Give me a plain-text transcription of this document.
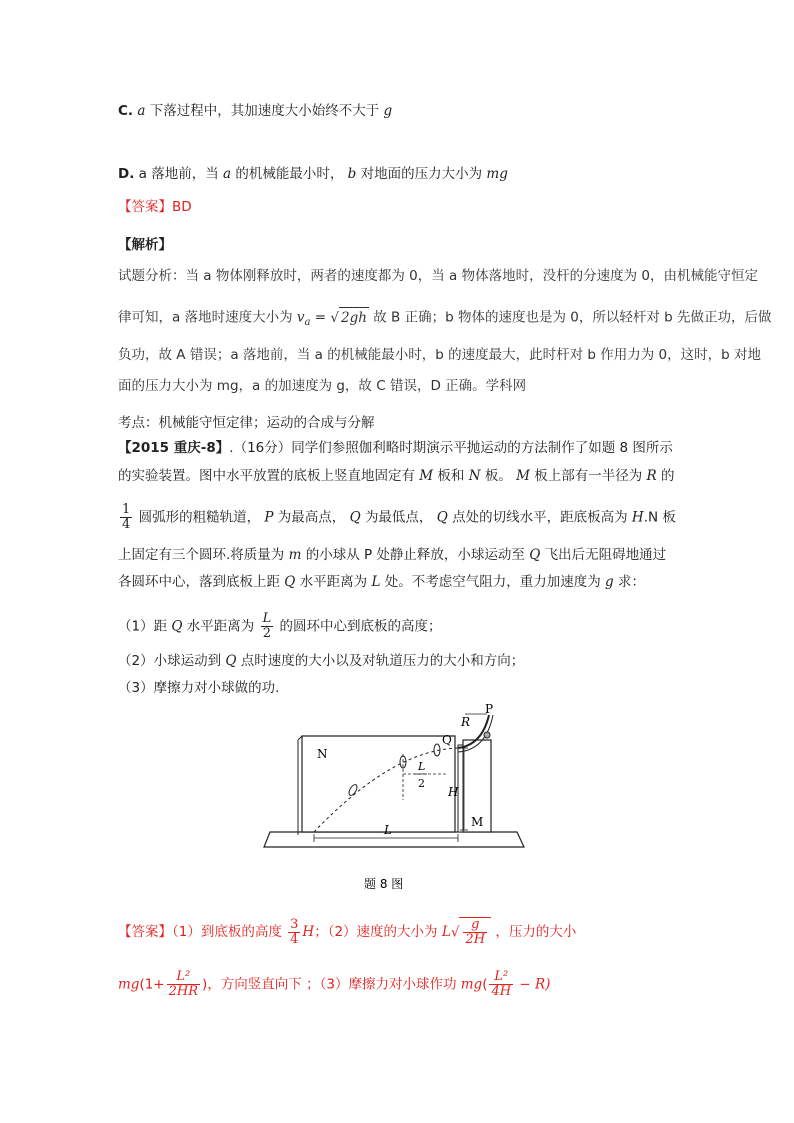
C. a 下落过程中，其加速度大小始终不大于 g
D. a 落地前，当 a 的机械能最小时， b 对地面的压力大小为 mg
【答案】BD
【解析】
试题分析：当 a 物体刚释放时，两者的速度都为 0，当 a 物体落地时，没杆的分速度为 0，由机械能守恒定
律可知，a 落地时速度大小为 $v_a$ = √ 2gh 故 B 正确；b 物体的速度也是为 0，所以轻杆对 b 先做正功，后做
负功，故 A 错误；a 落地前，当 a 的机械能最小时，b 的速度最大，此时杆对 b 作用力为 0，这时，b 对地
面的压力大小为 mg，a 的加速度为 g，故 C 错误，D 正确。学科网
考点：机械能守恒定律；运动的合成与分解
【2015 重庆-8】.（16分）同学们参照伽利略时期演示平抛运动的方法制作了如题 8 图所示
的实验装置。图中水平放置的底板上竖直地固定有 M 板和 N 板。 M 板上部有一半径为 R 的
$\frac{1}{4}$ 圆弧形的粗糙轨道， P 为最高点， Q 为最低点， Q 点处的切线水平，距底板高为 H.N 板
上固定有三个圆环.将质量为 m 的小球从 P 处静止释放，小球运动至 Q 飞出后无阻碍地通过
各圆环中心，落到底板上距 Q 水平距离为 L 处。不考虑空气阻力，重力加速度为 g 求：
（1）距 Q 水平距离为 $\frac{L}{2}$ 的圆环中心到底板的高度；
（2）小球运动到 Q 点时速度的大小以及对轨道压力的大小和方向；
（3）摩擦力对小球做的功.
N
Q
R
P
M
H
L
L
2
题 8 图
【答案】（1）到底板的高度 $\frac{3}{4}$ H；（2）速度的大小为 $L√ \frac{g}{2H}$ ，压力的大小
$mg(1+ \frac{\text{L²}}{2HR}$ )，方向竖直向下 ；（3）摩擦力对小球作功 $mg( \frac{\text{L²}}{4H} - R)$
